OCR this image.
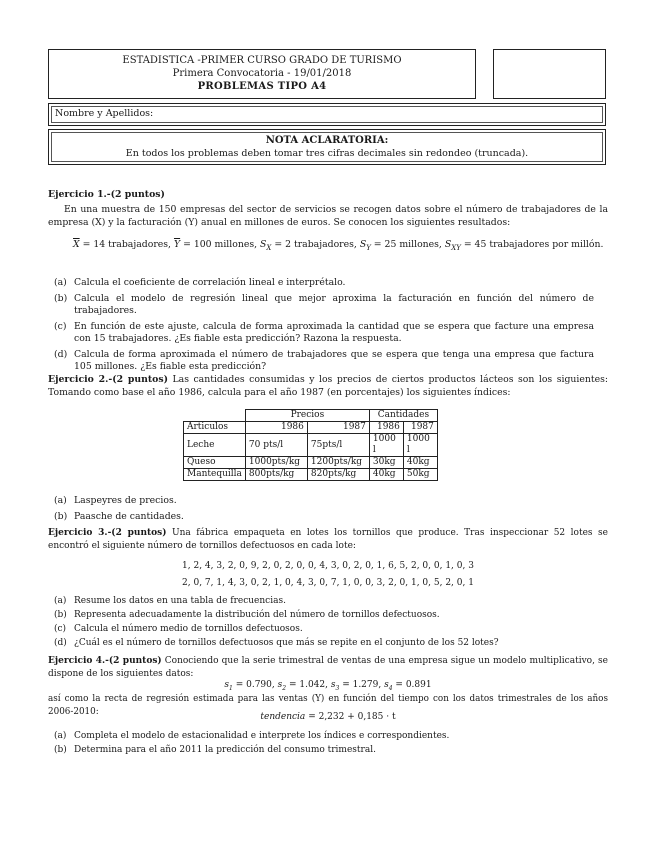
ESTADISTICA -PRIMER CURSO GRADO DE TURISMO
Primera Convocatoria - 19/01/2018
PROBLEMAS TIPO A4
Nombre y Apellidos:
NOTA ACLARATORIA:
En todos los problemas deben tomar tres cifras decimales sin redondeo (truncada).
Ejercicio 1.-(2 puntos)
En una muestra de 150 empresas del sector de servicios se recogen datos sobre el número de trabajadores de la empresa (X) y la facturación (Y) anual en millones de euros. Se conocen los siguientes resultados:
$\overline{X} = 14$ trabajadores, $\overline{Y} = 100$ millones, $S_X = 2$ trabajadores, $S_Y = 25$ millones, $S_{XY} = 45$ trabajadores por millón.
(a) Calcula el coeficiente de correlación lineal e interprétalo.
(b) Calcula el modelo de regresión lineal que mejor aproxima la facturación en función del número de trabajadores.
(c) En función de este ajuste, calcula de forma aproximada la cantidad que se espera que facture una empresa con 15 trabajadores. ¿Es fiable esta predicción? Razona la respuesta.
(d) Calcula de forma aproximada el número de trabajadores que se espera que tenga una empresa que factura 105 millones. ¿Es fiable esta predicción?
Ejercicio 2.-(2 puntos) Las cantidades consumidas y los precios de ciertos productos lácteos son los siguientes: Tomando como base el año 1986, calcula para el año 1987 (en porcentajes) los siguientes índices:
	Precios		Cantidades	
Articulos	1986	1987	1986	1987
Leche	70 pts/l	75pts/l	1000 l	1000 l
Queso	1000pts/kg	1200pts/kg	30kg	40kg
Mantequilla	800pts/kg	820pts/kg	40kg	50kg
(a) Laspeyres de precios.
(b) Paasche de cantidades.
Ejercicio 3.-(2 puntos) Una fábrica empaqueta en lotes los tornillos que produce. Tras inspeccionar 52 lotes se encontró el siguiente número de tornillos defectuosos en cada lote:
1, 2, 4, 3, 2, 0, 9, 2, 0, 2, 0, 0, 4, 3, 0, 2, 0, 1, 6, 5, 2, 0, 0, 1, 0, 3
2, 0, 7, 1, 4, 3, 0, 2, 1, 0, 4, 3, 0, 7, 1, 0, 0, 3, 2, 0, 1, 0, 5, 2, 0, 1
(a) Resume los datos en una tabla de frecuencias.
(b) Representa adecuadamente la distribución del número de tornillos defectuosos.
(c) Calcula el número medio de tornillos defectuosos.
(d) ¿Cuál es el número de tornillos defectuosos que más se repite en el conjunto de los 52 lotes?
Ejercicio 4.-(2 puntos) Conociendo que la serie trimestral de ventas de una empresa sigue un modelo multiplicativo, se dispone de los siguientes datos:
$s_1 = 0.790$, $s_2 = 1.042$, $s_3 = 1.279$, $s_4 = 0.891$
así como la recta de regresión estimada para las ventas (Y) en función del tiempo con los datos trimestrales de los años 2006-2010:
tendencia = 2,232 + 0,185 · t
(a) Completa el modelo de estacionalidad e interprete los índices e correspondientes.
(b) Determina para el año 2011 la predicción del consumo trimestral.
